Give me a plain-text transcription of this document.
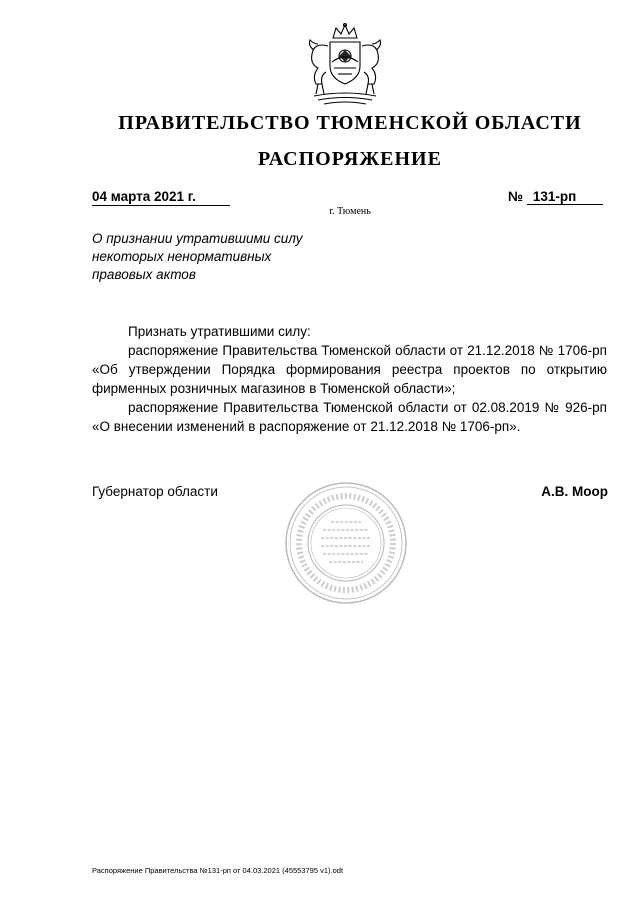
ПРАВИТЕЛЬСТВО ТЮМЕНСКОЙ ОБЛАСТИ
РАСПОРЯЖЕНИЕ
04 марта 2021 г.	№ 131-рп
г. Тюмень
О признании утратившими силу
некоторых ненормативных
правовых актов

Признать утратившими силу:

распоряжение Правительства Тюменской области от 21.12.2018 № 1706-рп «Об утверждении Порядка формирования реестра проектов по открытию фирменных розничных магазинов в Тюменской области»;

распоряжение Правительства Тюменской области от 02.08.2019 № 926-рп «О внесении изменений в распоряжение от 21.12.2018 № 1706-рп».

Губернатор области	А.В. Моор
Распоряжение Правительства №131-рп от 04.03.2021 (45553795 v1).odt
